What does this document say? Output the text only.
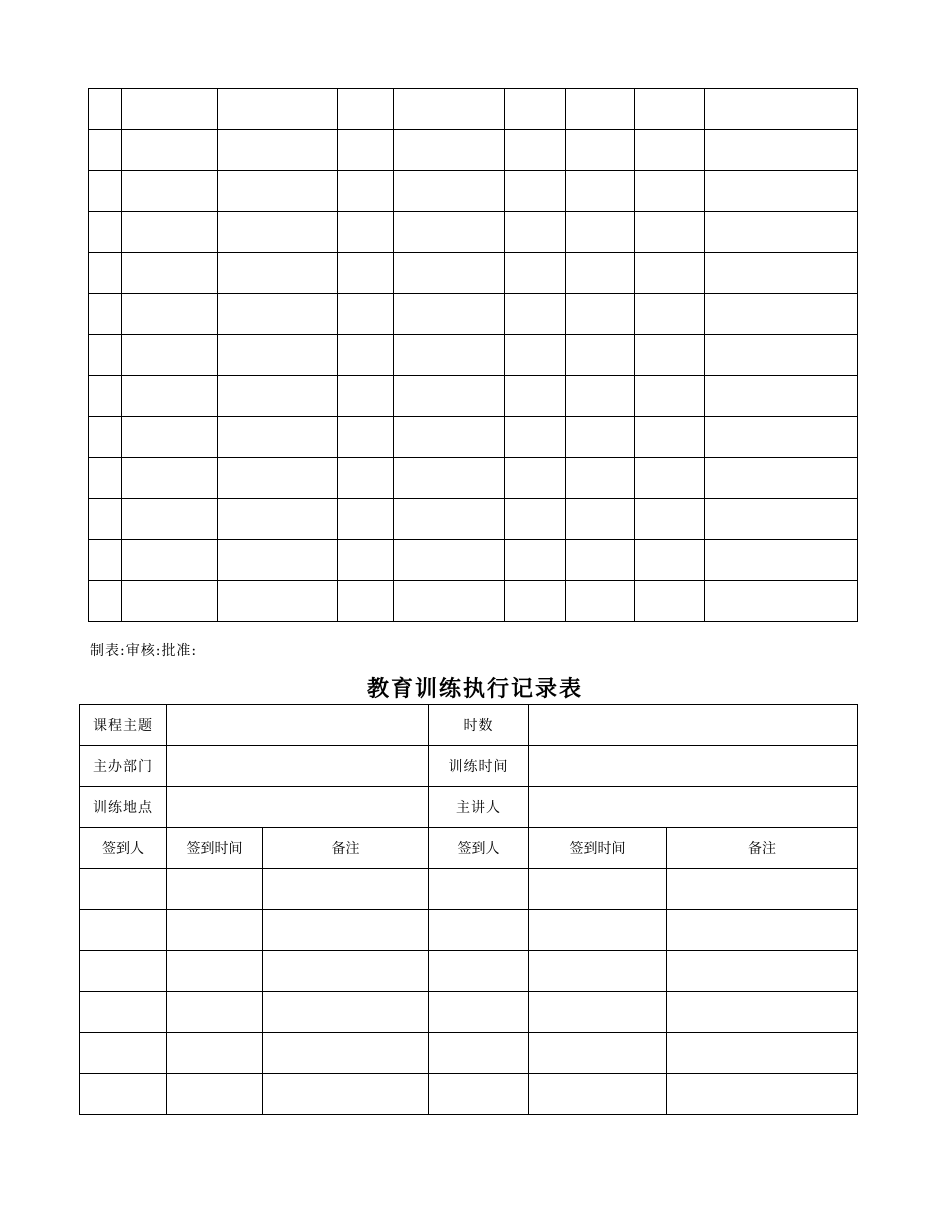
制表:审核:批准:
教育训练执行记录表
课程主题			时数		
主办部门			训练时间		
训练地点			主讲人		
签到人	签到时间	备注	签到人	签到时间	备注
